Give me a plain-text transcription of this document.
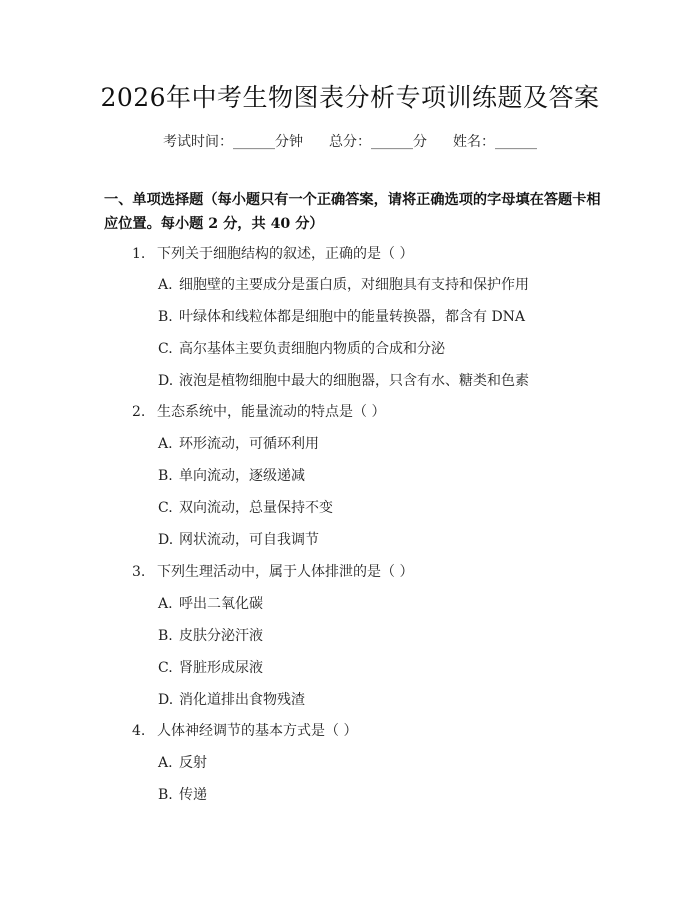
2026年中考生物图表分析专项训练题及答案
考试时间：______分钟 总分：______分 姓名：______
一、单项选择题（每小题只有一个正确答案，请将正确选项的字母填在答题卡相应位置。每小题 2 分，共 40 分）
1. 下列关于细胞结构的叙述，正确的是（ ）
A. 细胞壁的主要成分是蛋白质，对细胞具有支持和保护作用
B. 叶绿体和线粒体都是细胞中的能量转换器，都含有 DNA
C. 高尔基体主要负责细胞内物质的合成和分泌
D. 液泡是植物细胞中最大的细胞器，只含有水、糖类和色素
2. 生态系统中，能量流动的特点是（ ）
A. 环形流动，可循环利用
B. 单向流动，逐级递减
C. 双向流动，总量保持不变
D. 网状流动，可自我调节
3. 下列生理活动中，属于人体排泄的是（ ）
A. 呼出二氧化碳
B. 皮肤分泌汗液
C. 肾脏形成尿液
D. 消化道排出食物残渣
4. 人体神经调节的基本方式是（ ）
A. 反射
B. 传递
